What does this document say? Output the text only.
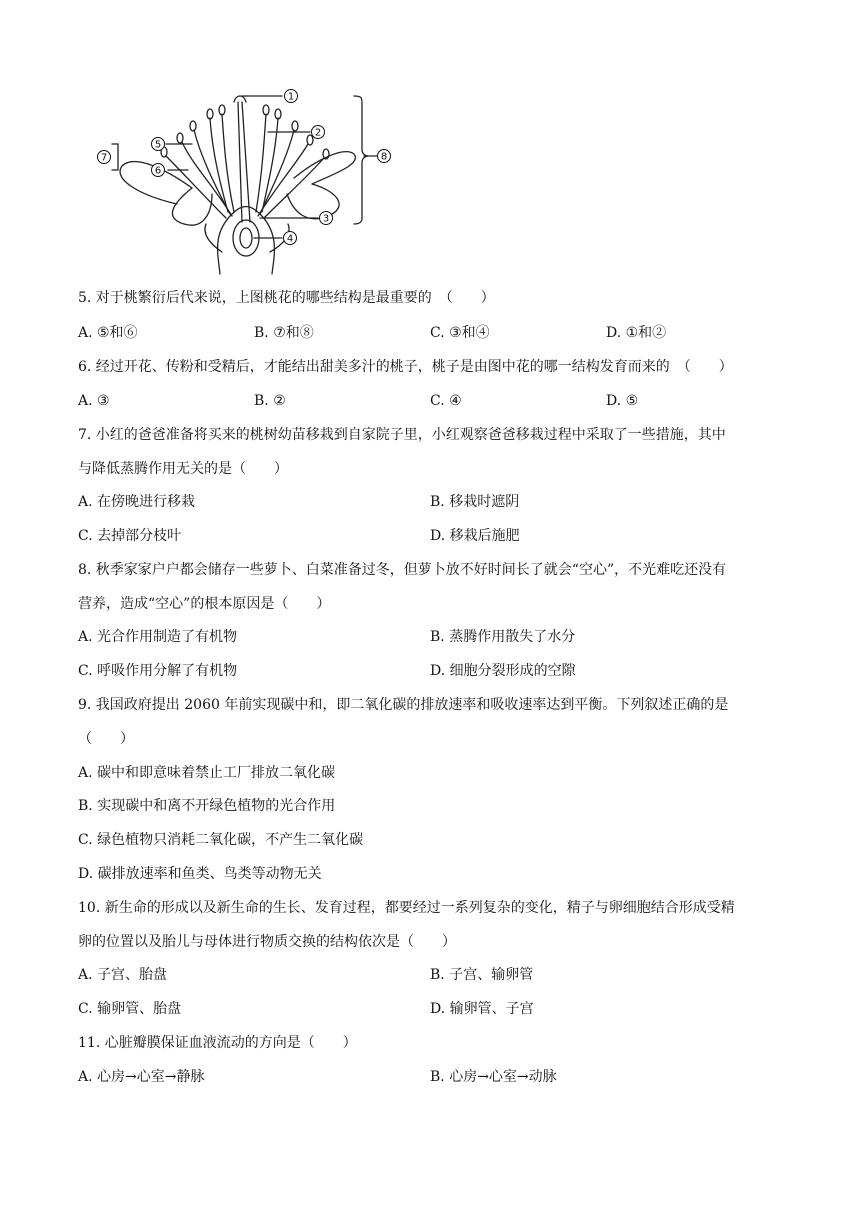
1
2
3
4
5
6
7	8
5. 对于桃繁衍后代来说，上图桃花的哪些结构是最重要的　（　　）
A. ⑤和⑥	B. ⑦和⑧	C. ③和④	D. ①和②
6. 经过开花、传粉和受精后，才能结出甜美多汁的桃子，桃子是由图中花的哪一结构发育而来的　（　　）
A. ③	B. ②	C. ④	D. ⑤
7. 小红的爸爸准备将买来的桃树幼苗移栽到自家院子里，小红观察爸爸移栽过程中采取了一些措施，其中
与降低蒸腾作用无关的是（　　）
A. 在傍晚进行移栽	B. 移栽时遮阴
C. 去掉部分枝叶	D. 移栽后施肥
8. 秋季家家户户都会储存一些萝卜、白菜准备过冬，但萝卜放不好时间长了就会“空心”，不光难吃还没有
营养，造成“空心”的根本原因是（　　）
A. 光合作用制造了有机物	B. 蒸腾作用散失了水分
C. 呼吸作用分解了有机物	D. 细胞分裂形成的空隙
9. 我国政府提出 2060 年前实现碳中和，即二氧化碳的排放速率和吸收速率达到平衡。下列叙述正确的是
（　　）
A. 碳中和即意味着禁止工厂排放二氧化碳
B. 实现碳中和离不开绿色植物的光合作用
C. 绿色植物只消耗二氧化碳，不产生二氧化碳
D. 碳排放速率和鱼类、鸟类等动物无关
10. 新生命的形成以及新生命的生长、发育过程，都要经过一系列复杂的变化，精子与卵细胞结合形成受精
卵的位置以及胎儿与母体进行物质交换的结构依次是（　　）
A. 子宫、胎盘	B. 子宫、输卵管
C. 输卵管、胎盘	D. 输卵管、子宫
11. 心脏瓣膜保证血液流动的方向是（　　）
A. 心房→心室→静脉	B. 心房→心室→动脉
